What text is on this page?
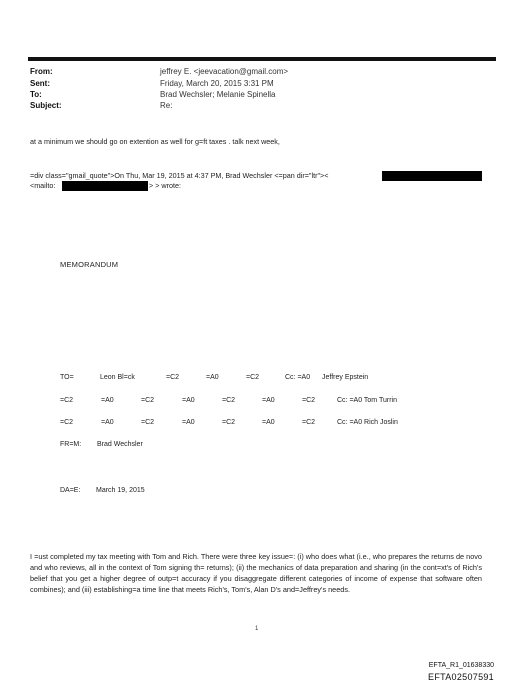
From:	jeffrey E. <jeevacation@gmail.com>
Sent:	Friday, March 20, 2015 3:31 PM
To:	Brad Wechsler; Melanie Spinella
Subject:	Re:
at a minimum we should go on extention as well for g=ft taxes . talk next week,
=div class="gmail_quote">On Thu, Mar 19, 2015 at 4:37 PM, Brad Wechsler <=pan dir="ltr"><
<mailto:	> > wrote:
MEMORANDUM
TO=	Leon Bl=ck	=C2	=A0	=C2	Cc: =A0 Jeffrey Epstein
=C2	=A0	=C2	=A0	=C2	=A0	=C2	Cc: =A0 Tom Turrin
=C2	=A0	=C2	=A0	=C2	=A0	=C2	Cc: =A0 Rich Joslin
FR=M: Brad Wechsler
DA=E: March 19, 2015
I =ust completed my tax meeting with Tom and Rich. There were three key issue=: (i) who does what (i.e., who prepares the returns de novo and who reviews, all in the context of Tom signing th= returns); (ii) the mechanics of data preparation and sharing (in the cont=xt's of Rich's belief that you get a higher degree of outp=t accuracy if you disaggregate different categories of income of expense that software often combines); and (iii) establishing=a time line that meets Rich's, Tom's, Alan D's and=Jeffrey's needs.
1
EFTA_R1_01638330
EFTA02507591
